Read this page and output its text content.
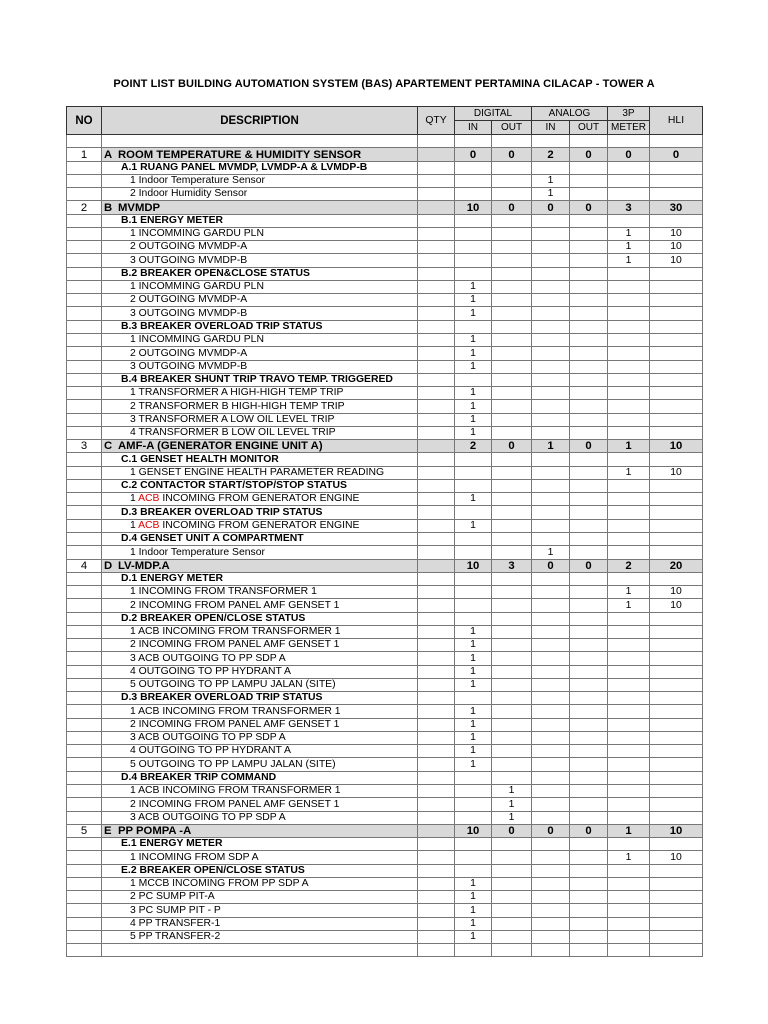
POINT LIST BUILDING AUTOMATION SYSTEM (BAS) APARTEMENT PERTAMINA CILACAP - TOWER A
NO	DESCRIPTION	QTY	DIGITAL		ANALOG		3P	HLI
			IN	OUT	IN	OUT	METER	

1	A ROOM TEMPERATURE & HUMIDITY SENSOR		0	0	2	0	0	0
	A.1 RUANG PANEL MVMDP, LVMDP-A & LVMDP-B							
	1 Indoor Temperature Sensor				1			
	2 Indoor Humidity Sensor				1			
2	B MVMDP		10	0	0	0	3	30
	B.1 ENERGY METER							
	1 INCOMMING GARDU PLN						1	10
	2 OUTGOING MVMDP-A						1	10
	3 OUTGOING MVMDP-B						1	10
	B.2 BREAKER OPEN&CLOSE STATUS							
	1 INCOMMING GARDU PLN		1					
	2 OUTGOING MVMDP-A		1					
	3 OUTGOING MVMDP-B		1					
	B.3 BREAKER OVERLOAD TRIP STATUS							
	1 INCOMMING GARDU PLN		1					
	2 OUTGOING MVMDP-A		1					
	3 OUTGOING MVMDP-B		1					
	B.4 BREAKER SHUNT TRIP TRAVO TEMP. TRIGGERED							
	1 TRANSFORMER A HIGH-HIGH TEMP TRIP		1					
	2 TRANSFORMER B HIGH-HIGH TEMP TRIP		1					
	3 TRANSFORMER A LOW OIL LEVEL TRIP		1					
	4 TRANSFORMER B LOW OIL LEVEL TRIP		1					
3	C AMF-A (GENERATOR ENGINE UNIT A)		2	0	1	0	1	10
	C.1 GENSET HEALTH MONITOR							
	1 GENSET ENGINE HEALTH PARAMETER READING						1	10
	C.2 CONTACTOR START/STOP/STOP STATUS							
	1 ACB INCOMING FROM GENERATOR ENGINE		1					
	D.3 BREAKER OVERLOAD TRIP STATUS							
	1 ACB INCOMING FROM GENERATOR ENGINE		1					
	D.4 GENSET UNIT A COMPARTMENT							
	1 Indoor Temperature Sensor				1			
4	D LV-MDP.A		10	3	0	0	2	20
	D.1 ENERGY METER							
	1 INCOMING FROM TRANSFORMER 1						1	10
	2 INCOMING FROM PANEL AMF GENSET 1						1	10
	D.2 BREAKER OPEN/CLOSE STATUS							
	1 ACB INCOMING FROM TRANSFORMER 1		1					
	2 INCOMING FROM PANEL AMF GENSET 1		1					
	3 ACB OUTGOING TO PP SDP A		1					
	4 OUTGOING TO PP HYDRANT A		1					
	5 OUTGOING TO PP LAMPU JALAN (SITE)		1					
	D.3 BREAKER OVERLOAD TRIP STATUS							
	1 ACB INCOMING FROM TRANSFORMER 1		1					
	2 INCOMING FROM PANEL AMF GENSET 1		1					
	3 ACB OUTGOING TO PP SDP A		1					
	4 OUTGOING TO PP HYDRANT A		1					
	5 OUTGOING TO PP LAMPU JALAN (SITE)		1					
	D.4 BREAKER TRIP COMMAND							
	1 ACB INCOMING FROM TRANSFORMER 1			1				
	2 INCOMING FROM PANEL AMF GENSET 1			1				
	3 ACB OUTGOING TO PP SDP A			1				
5	E PP POMPA -A		10	0	0	0	1	10
	E.1 ENERGY METER							
	1 INCOMING FROM SDP A						1	10
	E.2 BREAKER OPEN/CLOSE STATUS							
	1 MCCB INCOMING FROM PP SDP A		1					
	2 PC SUMP PIT-A		1					
	3 PC SUMP PIT - P		1					
	4 PP TRANSFER-1		1					
	5 PP TRANSFER-2		1					
